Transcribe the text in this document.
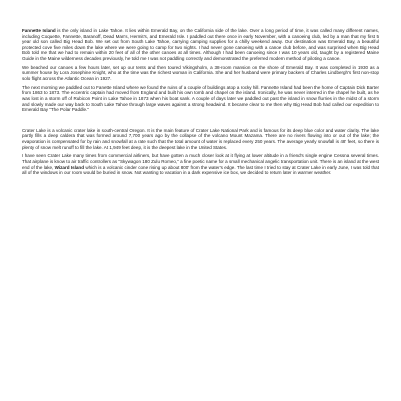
Fannette Island is the only island in Lake Tahoe. It lies within Emerald Bay, on the California side of the lake. Over a long period of time, it was called many different names, including Coquette, Fannette, Baranoff, Dead Man's, Hermit's, and Emerald Isle. I paddled out there once in early November, with a canoeing club, led by a man that my first 5 year old son called Big Head Bob. We set out from South Lake Tahoe, carrying camping supplies for a chilly weekend away. Our destination was Emerald Bay, a beautiful protected cove five miles down the lake where we were going to camp for two nights. I had never gone canoeing with a canoe club before, and was surprised when Big Head Bob told me that we had to remain within 20 feet of all of the other canoes at all times. Although I had been canoeing since I was 10 years old, taught by a registered Maine Guide in the Maine wilderness decades previously, he told me I was not paddling correctly and demonstrated the preferred modern method of piloting a canoe.

We beached our canoes a few hours later, set up our tents and then toured Vikingsholm, a 38-room mansion on the shore of Emerald Bay. It was completed in 1930 as a summer house by Lora Josephine Knight, who at the time was the richest woman in California. She and her husband were primary backers of Charles Lindbergh's first non-stop solo flight across the Atlantic Ocean in 1927.

The next morning we paddled out to Fanette Island where we found the ruins of a couple of buildings atop a rocky hill. Fannette Island had been the home of Captain Dick Barter from 1863 to 1873. The eccentric captain had moved from England and built his own tomb and chapel on the island. Ironically, he was never interred in the chapel he built, as he was lost in a storm off of Rubicon Point in Lake Tahoe in 1873 when his boat sank. A couple of days later we paddled out past the island in snow flurries in the midst of a storm and slowly made our way back to South Lake Tahoe through large waves against a strong headwind. It became clear to me then why Big Head Bob had called our expedition to Emerald Bay "The Polar Paddle."

Crater Lake is a volcanic crater lake in south-central Oregon. It is the main feature of Crater Lake National Park and is famous for its deep blue color and water clarity. The lake partly fills a deep caldera that was formed around 7,700 years ago by the collapse of the volcano Mount Mazama. There are no rivers flowing into or out of the lake; the evaporation is compensated for by rain and snowfall at a rate such that the total amount of water is replaced every 250 years. The average yearly snowfall is 48' feet, so there is plenty of snow melt runoff to fill the lake. At 1,949 feet deep, it is the deepest lake in the United States.

I have seen Crater Lake many times from commercial airliners, but have gotten a much closer look at it flying at lower altitude in a friend's single engine Cessna several times. That airplane is know to air traffic controllers as "Skywagon 180 Zulu Romeo," a fine poetic name for a small mechanical angelic transportation unit. There is an island at the west end of the lake, Wizard Island which is a volcanic cinder cone rising up about 800' from the water's edge. The last time I tried to stay at Crater Lake in early June, I was told that all of the windows in our room would be buried in snow. Not wanting to vacation in a dark expensive ice box, we decided to return later in warmer weather.
